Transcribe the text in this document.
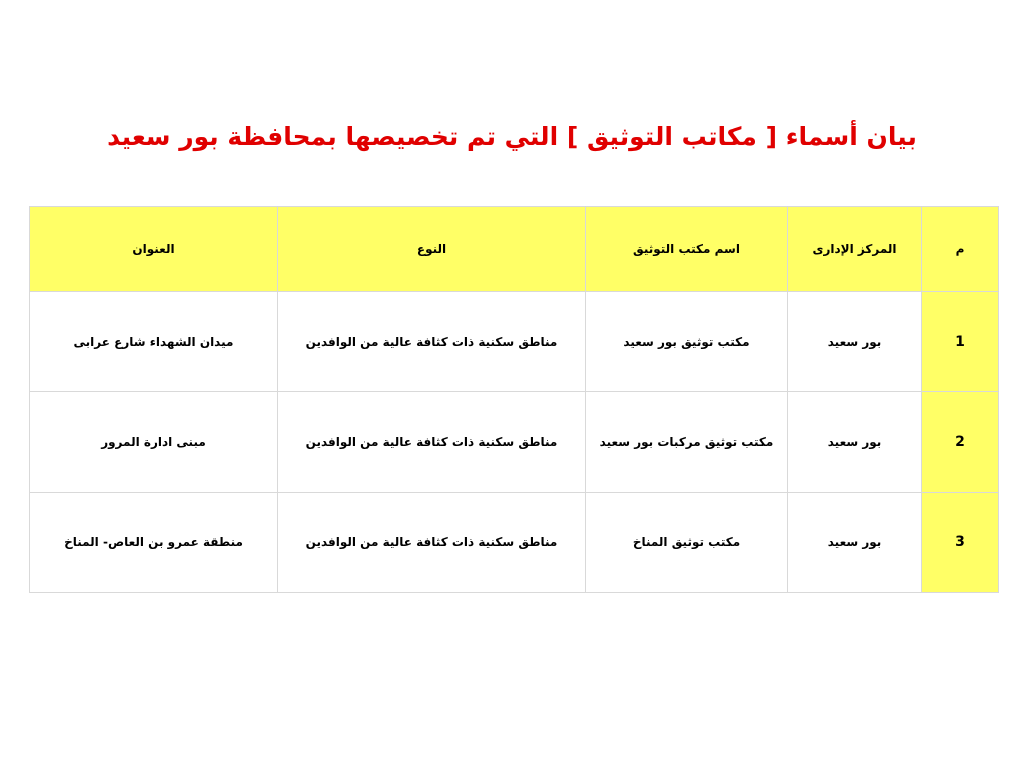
بيان أسماء [ مكاتب التوثيق ] التي تم تخصيصها بمحافظة بور سعيد
م	المركز الإدارى	اسم مكتب التوثيق	النوع	العنوان
1	بور سعيد	مكتب توثيق بور سعيد	مناطق سكنية ذات كثافة عالية من الوافدين	ميدان الشهداء شارع عرابى
2	بور سعيد	مكتب توثيق مركبات بور سعيد	مناطق سكنية ذات كثافة عالية من الوافدين	مبنى ادارة المرور
3	بور سعيد	مكتب توثيق المناخ	مناطق سكنية ذات كثافة عالية من الوافدين	منطقة عمرو بن العاص- المناخ
